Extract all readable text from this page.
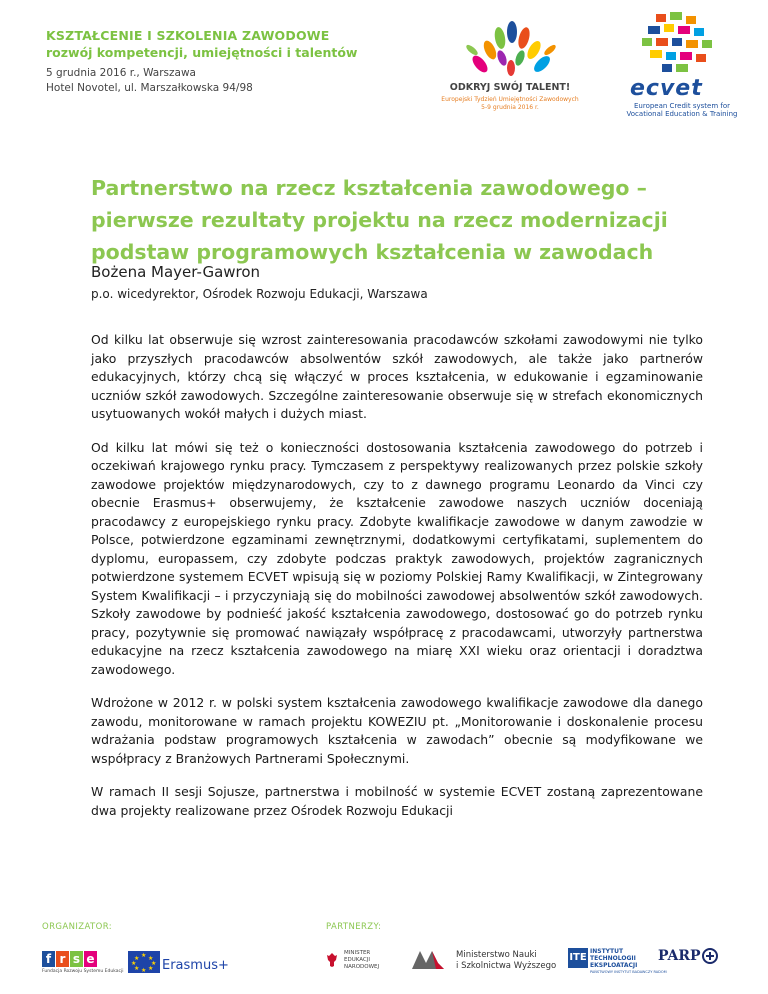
KSZTAŁCENIE I SZKOLENIA ZAWODOWE
rozwój kompetencji, umiejętności i talentów
5 grudnia 2016 r., Warszawa
Hotel Novotel, ul. Marszałkowska 94/98	ODKRYJ SWÓJ TALENT!
Europejski Tydzień Umiejętności Zawodowych
5-9 grudnia 2016 r.
ecvet
European Credit system for
Vocational Education & Training
Partnerstwo na rzecz kształcenia zawodowego – pierwsze rezultaty projektu na rzecz modernizacji podstaw programowych kształcenia w zawodach
Bożena Mayer-Gawron
p.o. wicedyrektor, Ośrodek Rozwoju Edukacji, Warszawa

Od kilku lat obserwuje się wzrost zainteresowania pracodawców szkołami zawodowymi nie tylko jako przyszłych pracodawców absolwentów szkół zawodowych, ale także jako partnerów edukacyjnych, którzy chcą się włączyć w proces kształcenia, w edukowanie i egzaminowanie uczniów szkół zawodowych. Szczególne zainteresowanie obserwuje się w strefach ekonomicznych usytuowanych wokół małych i dużych miast.

Od kilku lat mówi się też o konieczności dostosowania kształcenia zawodowego do potrzeb i oczekiwań krajowego rynku pracy. Tymczasem z perspektywy realizowanych przez polskie szkoły zawodowe projektów międzynarodowych, czy to z dawnego programu Leonardo da Vinci czy obecnie Erasmus+ obserwujemy, że kształcenie zawodowe naszych uczniów doceniają pracodawcy z europejskiego rynku pracy. Zdobyte kwalifikacje zawodowe w danym zawodzie w Polsce, potwierdzone egzaminami zewnętrznymi, dodatkowymi certyfikatami, suplementem do dyplomu, europassem, czy zdobyte podczas praktyk zawodowych, projektów zagranicznych potwierdzone systemem ECVET wpisują się w poziomy Polskiej Ramy Kwalifikacji, w Zintegrowany System Kwalifikacji – i przyczyniają się do mobilności zawodowej absolwentów szkół zawodowych. Szkoły zawodowe by podnieść jakość kształcenia zawodowego, dostosować go do potrzeb rynku pracy, pozytywnie się promować nawiązały współpracę z pracodawcami, utworzyły partnerstwa edukacyjne na rzecz kształcenia zawodowego na miarę XXI wieku oraz orientacji i doradztwa zawodowego.

Wdrożone w 2012 r. w polski system kształcenia zawodowego kwalifikacje zawodowe dla danego zawodu, monitorowane w ramach projektu KOWEZIU pt. „Monitorowanie i doskonalenie procesu wdrażania podstaw programowych kształcenia w zawodach” obecnie są modyfikowane we współpracy z Branżowych Partnerami Społecznymi.

W ramach II sesji Sojusze, partnerstwa i mobilność w systemie ECVET zostaną zaprezentowane dwa projekty realizowane przez Ośrodek Rozwoju Edukacji

ORGANIZATOR:	PARTNERZY:
f r s e
Fundacja Rozwoju Systemu Edukacji
★ ★
★
★
★
★
★
★ Erasmus+
MINISTER
EDUKACJI
NARODOWEJ
Ministerstwo Nauki
i Szkolnictwa Wyższego
ITE
INSTYTUT
TECHNOLOGII
EKSPLOATACJI
PAŃSTWOWY INSTYTUT BADAWCZY RADOM
PARP
